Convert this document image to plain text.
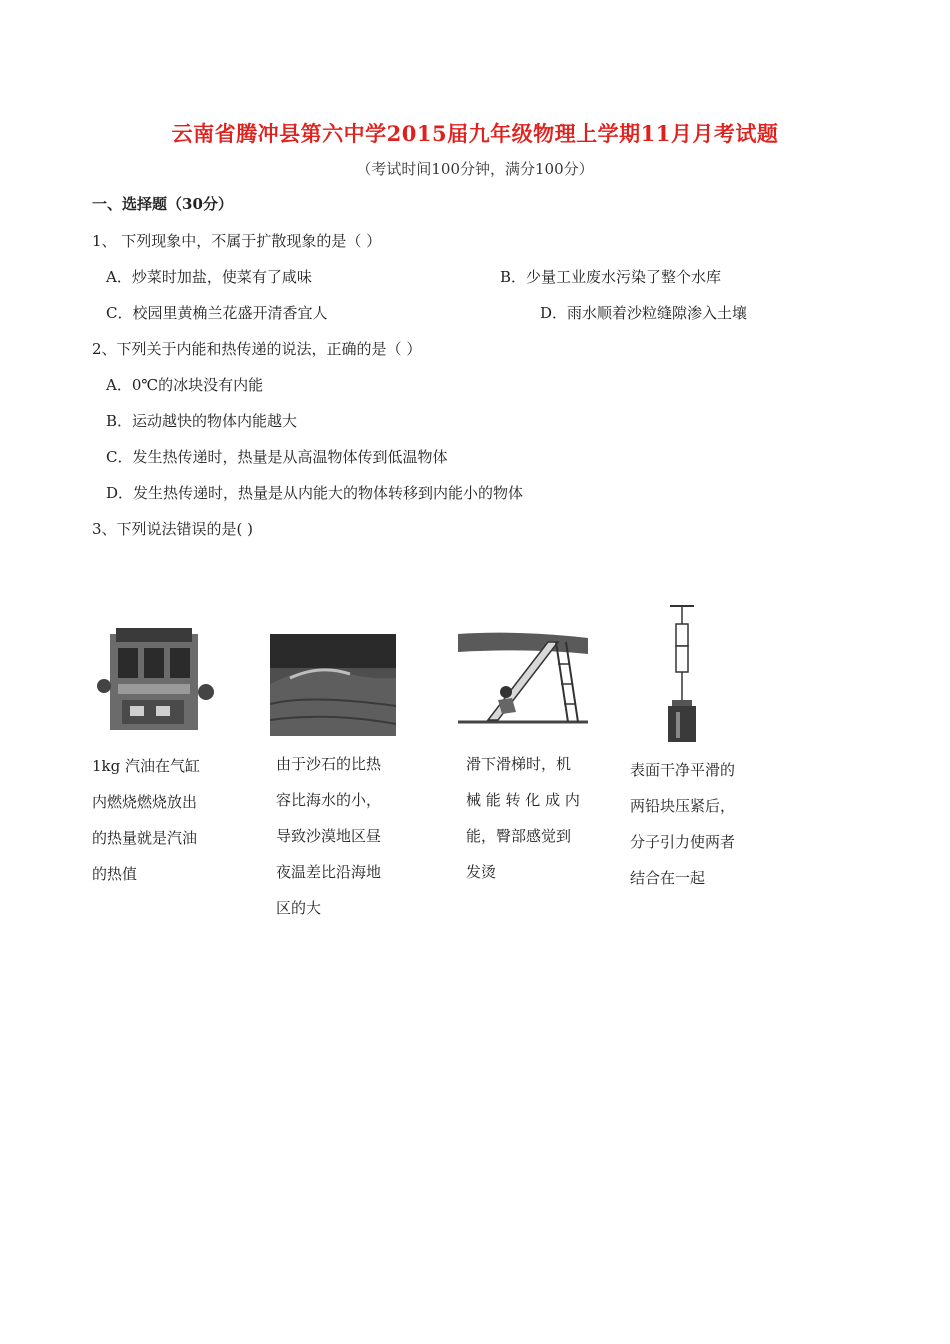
云南省腾冲县第六中学2015届九年级物理上学期11月月考试题
（考试时间100分钟，满分100分）
一、选择题（30分）
1、 下列现象中，不属于扩散现象的是（ ）
A．炒菜时加盐，使菜有了咸味	B．少量工业废水污染了整个水库
C．校园里黄桷兰花盛开清香宜人	D．雨水顺着沙粒缝隙渗入土壤
2、下列关于内能和热传递的说法，正确的是（ ）
A．0℃的冰块没有内能
B．运动越快的物体内能越大
C．发生热传递时，热量是从高温物体传到低温物体
D．发生热传递时，热量是从内能大的物体转移到内能小的物体
3、下列说法错误的是( )
1kg 汽油在气缸
内燃烧燃烧放出
的热量就是汽油
的热值
由于沙石的比热
容比海水的小，
导致沙漠地区昼
夜温差比沿海地
区的大
滑下滑梯时，机
械 能 转 化 成 内
能，臀部感觉到
发烫
表面干净平滑的
两铅块压紧后，
分子引力使两者
结合在一起
